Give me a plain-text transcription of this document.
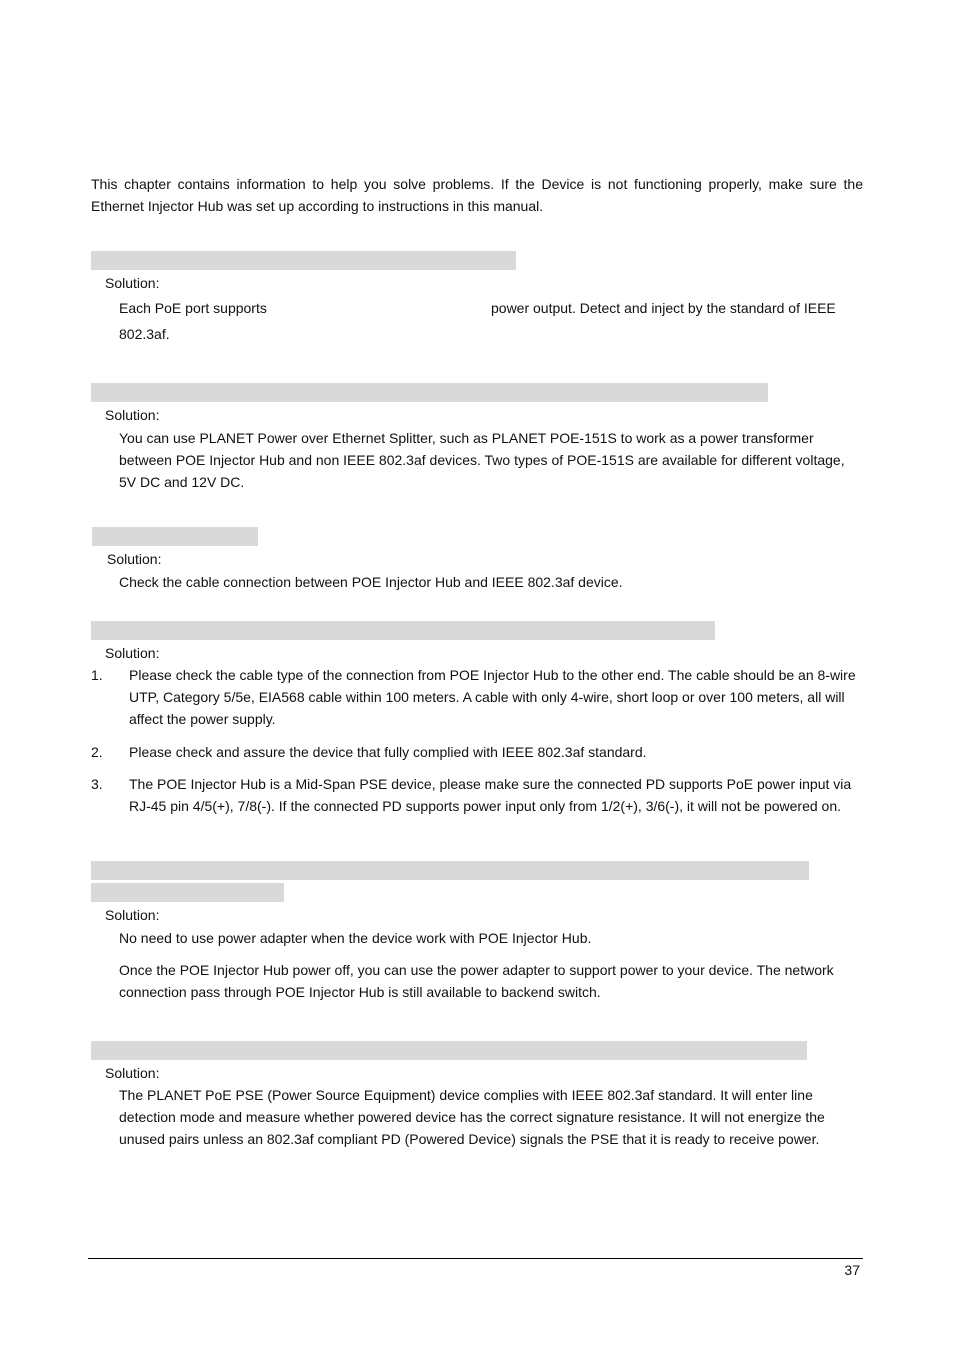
This chapter contains information to help you solve problems. If the Device is not functioning properly, make sure the Ethernet Injector Hub was set up according to instructions in this manual.
Solution:
Each PoE port supports	power output. Detect and inject by the standard of IEEE
802.3af.
Solution:
You can use PLANET Power over Ethernet Splitter, such as PLANET POE-151S to work as a power transformer between POE Injector Hub and non IEEE 802.3af devices. Two types of POE-151S are available for different voltage, 5V DC and 12V DC.
Solution:
Check the cable connection between POE Injector Hub and IEEE 802.3af device.
Solution:
1.	Please check the cable type of the connection from POE Injector Hub to the other end. The cable should be an 8-wire UTP, Category 5/5e, EIA568 cable within 100 meters. A cable with only 4-wire, short loop or over 100 meters, all will affect the power supply.
2.	Please check and assure the device that fully complied with IEEE 802.3af standard.
3.	The POE Injector Hub is a Mid-Span PSE device, please make sure the connected PD supports PoE power input via RJ-45 pin 4/5(+), 7/8(-). If the connected PD supports power input only from 1/2(+), 3/6(-), it will not be powered on.
Solution:
No need to use power adapter when the device work with POE Injector Hub.
Once the POE Injector Hub power off, you can use the power adapter to support power to your device. The network connection pass through POE Injector Hub is still available to backend switch.
Solution:
The PLANET PoE PSE (Power Source Equipment) device complies with IEEE 802.3af standard. It will enter line detection mode and measure whether powered device has the correct signature resistance. It will not energize the unused pairs unless an 802.3af compliant PD (Powered Device) signals the PSE that it is ready to receive power.
37
